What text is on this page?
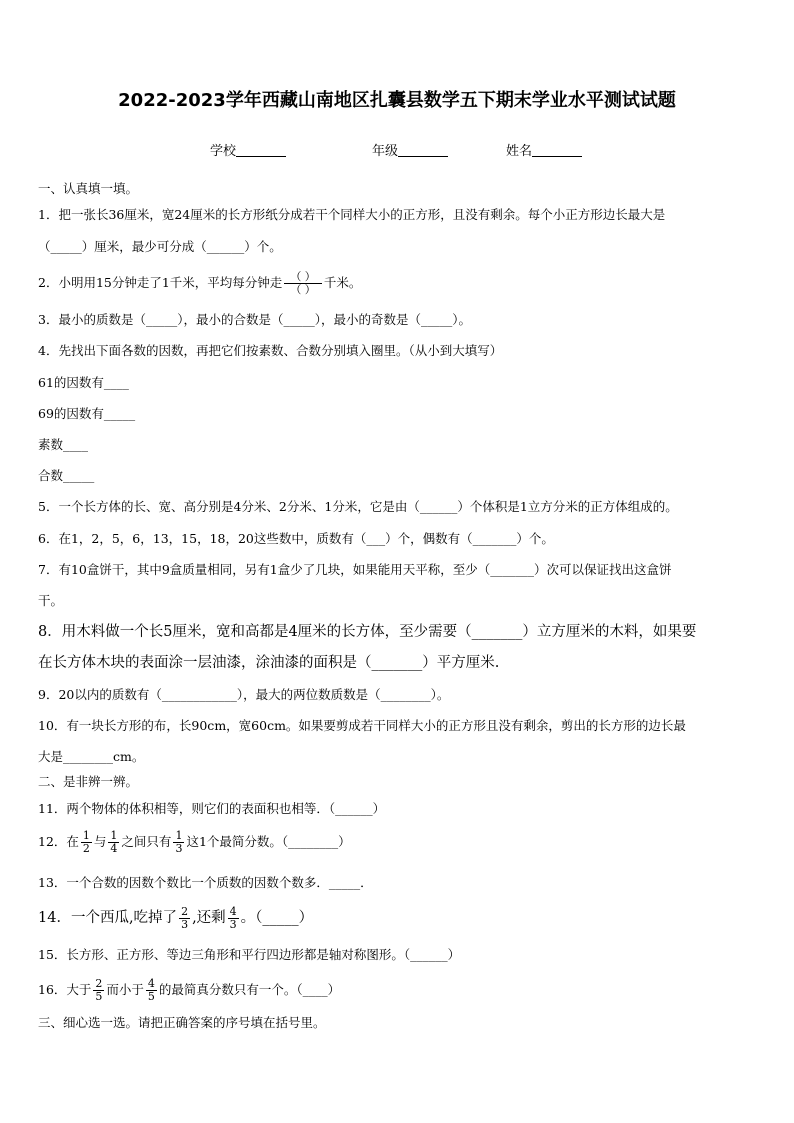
2022-2023学年西藏山南地区扎囊县数学五下期末学业水平测试试题
学校	年级	姓名
一、认真填一填。
1．把一张长36厘米，宽24厘米的长方形纸分成若干个同样大小的正方形，且没有剩余。每个小正方形边长最大是
（_____）厘米，最少可分成（______）个。
2．小明用15分钟走了1千米，平均每分钟走 $\frac{( )}{( )}$ 千米。
3．最小的质数是（_____），最小的合数是（_____），最小的奇数是（_____）。
4．先找出下面各数的因数，再把它们按素数、合数分别填入圈里。（从小到大填写）
61的因数有____
69的因数有_____
素数____
合数_____
5．一个长方体的长、宽、高分别是4分米、2分米、1分米，它是由（______）个体积是1立方分米的正方体组成的。
6．在1，2，5，6，13，15，18，20这些数中，质数有（___）个，偶数有（_______）个。
7．有10盒饼干，其中9盒质量相同，另有1盒少了几块，如果能用天平称，至少（_______）次可以保证找出这盒饼
干。
8．用木料做一个长5厘米，宽和高都是4厘米的长方体，至少需要（_______）立方厘米的木料，如果要
在长方体木块的表面涂一层油漆，涂油漆的面积是（_______）平方厘米.
9．20以内的质数有（____________），最大的两位数质数是（________）。
10．有一块长方形的布，长90cm，宽60cm。如果要剪成若干同样大小的正方形且没有剩余，剪出的长方形的边长最
大是________cm。
二、是非辨一辨。
11．两个物体的体积相等，则它们的表面积也相等．（______）
12．在 $\frac{1}{2}$ 与 $\frac{1}{4}$ 之间只有 $\frac{1}{3}$ 这1个最简分数。（________）
13．一个合数的因数个数比一个质数的因数个数多．_____．
14．一个西瓜,吃掉了 $\frac{2}{3}$ ,还剩 $\frac{4}{3}$ 。（_____）
15．长方形、正方形、等边三角形和平行四边形都是轴对称图形。（______）
16．大于 $\frac{2}{5}$ 而小于 $\frac{4}{5}$ 的最简真分数只有一个。（____）
三、细心选一选。请把正确答案的序号填在括号里。
